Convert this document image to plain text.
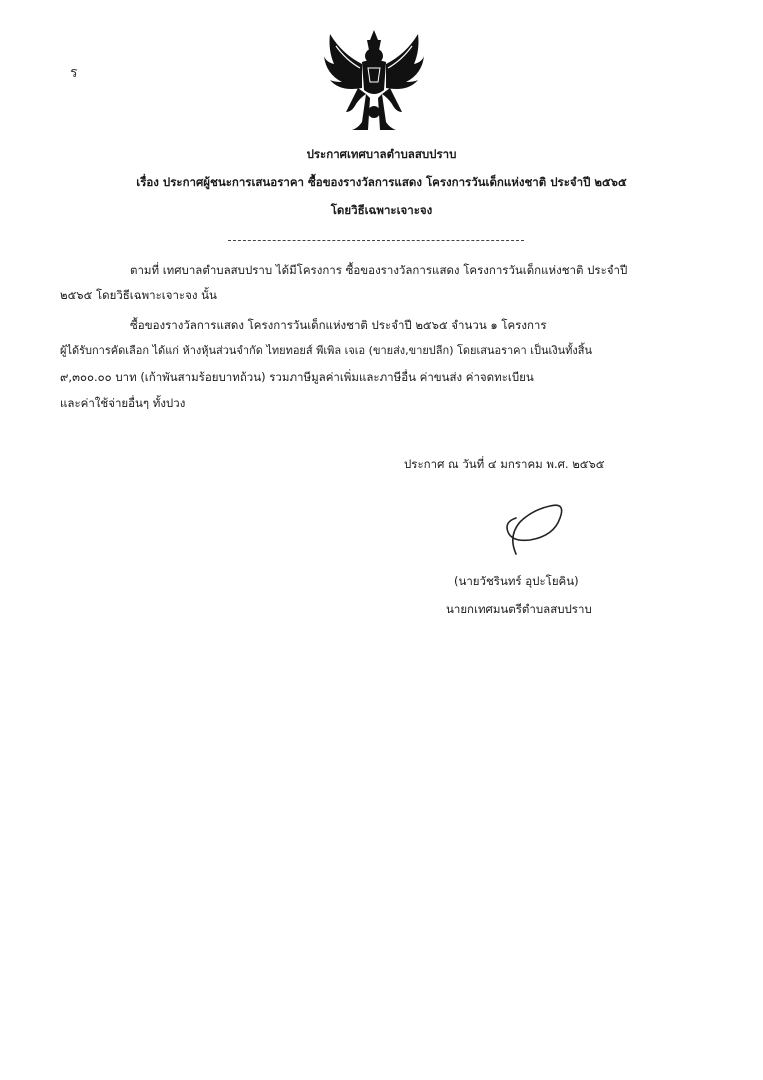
ร
ประกาศเทศบาลตำบลสบปราบ
เรื่อง ประกาศผู้ชนะการเสนอราคา ซื้อของรางวัลการแสดง โครงการวันเด็กแห่งชาติ ประจำปี ๒๕๖๕
โดยวิธีเฉพาะเจาะจง
ตามที่ เทศบาลตำบลสบปราบ ได้มีโครงการ ซื้อของรางวัลการแสดง โครงการวันเด็กแห่งชาติ ประจำปี
๒๕๖๕ โดยวิธีเฉพาะเจาะจง นั้น
ซื้อของรางวัลการแสดง โครงการวันเด็กแห่งชาติ ประจำปี ๒๕๖๕ จำนวน ๑ โครงการ
ผู้ได้รับการคัดเลือก ได้แก่ ห้างหุ้นส่วนจำกัด ไทยทอยส์ พีเพิล เจเอ (ขายส่ง,ขายปลีก) โดยเสนอราคา เป็นเงินทั้งสิ้น
๙,๓๐๐.๐๐ บาท (เก้าพันสามร้อยบาทถ้วน) รวมภาษีมูลค่าเพิ่มและภาษีอื่น ค่าขนส่ง ค่าจดทะเบียน
และค่าใช้จ่ายอื่นๆ ทั้งปวง
ประกาศ ณ วันที่ ๔ มกราคม พ.ศ. ๒๕๖๕
(นายวัชรินทร์ อุปะโยคิน)
นายกเทศมนตรีตำบลสบปราบ
